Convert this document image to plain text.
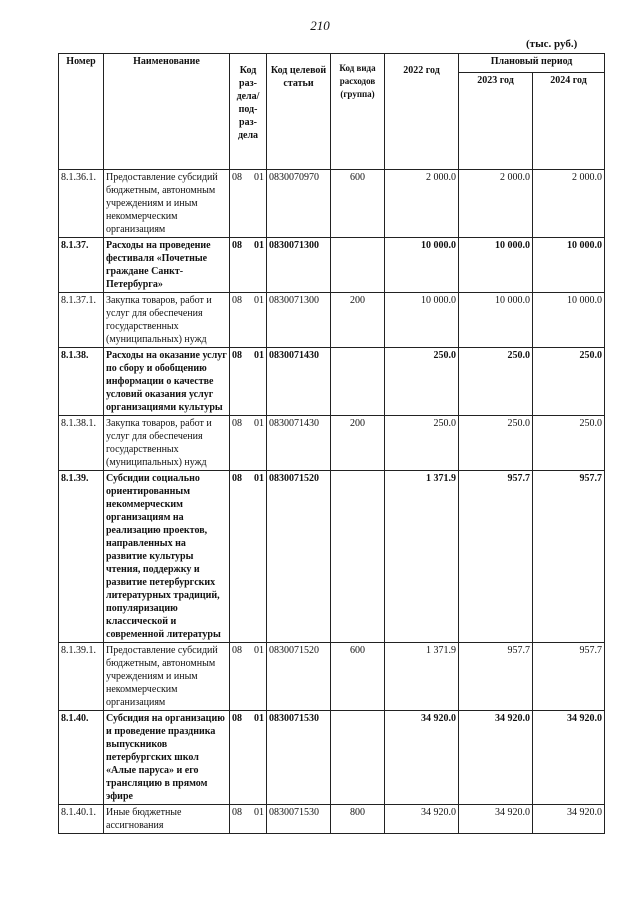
210
(тыс. руб.)
Номер	Наименование	Код раз-дела/ под-раз-дела		Код целевой статьи	Код вида расходов (группа)	2022 год	Плановый период	
							2023 год	2024 год
8.1.36.1.	Предоставление субсидий бюджетным, автономным учреждениям и иным некоммерческим организациям	08	01	0830070970	600	2 000.0	2 000.0	2 000.0
8.1.37.	Расходы на проведение фестиваля «Почетные граждане Санкт-Петербурга»	08	01	0830071300		10 000.0	10 000.0	10 000.0
8.1.37.1.	Закупка товаров, работ и услуг для обеспечения государственных (муниципальных) нужд	08	01	0830071300	200	10 000.0	10 000.0	10 000.0
8.1.38.	Расходы на оказание услуг по сбору и обобщению информации о качестве условий оказания услуг организациями культуры	08	01	0830071430		250.0	250.0	250.0
8.1.38.1.	Закупка товаров, работ и услуг для обеспечения государственных (муниципальных) нужд	08	01	0830071430	200	250.0	250.0	250.0
8.1.39.	Субсидии социально ориентированным некоммерческим организациям на реализацию проектов, направленных на развитие культуры чтения, поддержку и развитие петербургских литературных традиций, популяризацию классической и современной литературы	08	01	0830071520		1 371.9	957.7	957.7
8.1.39.1.	Предоставление субсидий бюджетным, автономным учреждениям и иным некоммерческим организациям	08	01	0830071520	600	1 371.9	957.7	957.7
8.1.40.	Субсидия на организацию и проведение праздника выпускников петербургских школ «Алые паруса» и его трансляцию в прямом эфире	08	01	0830071530		34 920.0	34 920.0	34 920.0
8.1.40.1.	Иные бюджетные ассигнования	08	01	0830071530	800	34 920.0	34 920.0	34 920.0
